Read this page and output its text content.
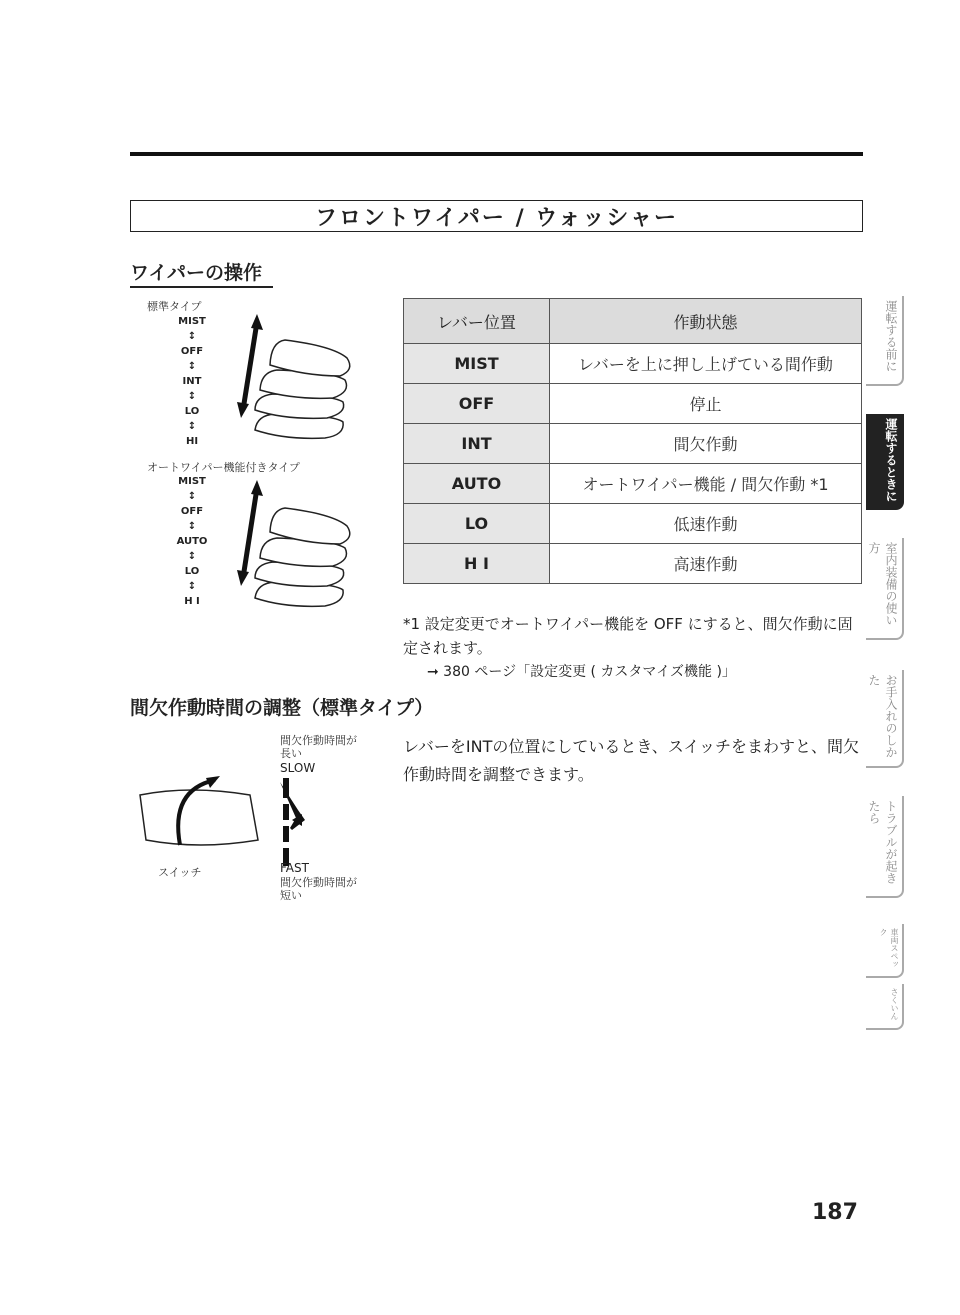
フロントワイパー / ウォッシャー
ワイパーの操作
標準タイプ
MIST
↕
OFF
↕
INT
↕
LO
↕
HI
オートワイパー機能付きタイプ
MIST
↕
OFF
↕
AUTO
↕
LO
↕
H I
レバー位置	作動状態
MIST	レバーを上に押し上げている間作動
OFF	停止
INT	間欠作動
AUTO	オートワイパー機能 / 間欠作動 *1
LO	低速作動
H I	高速作動
*1 設定変更でオートワイパー機能を OFF にすると、間欠作動に固定されます。
➞ 380 ページ「設定変更 ( カスタマイズ機能 )」
間欠作動時間の調整（標準タイプ）
間欠作動時間が長い
SLOW
FAST
間欠作動時間が短い
スイッチ
レバーをINTの位置にしているとき、スイッチをまわすと、間欠作動時間を調整できます。
運転する前に
運転するときに
室内装備の使い方
お手入れのしかた
トラブルが起きたら
車両スペック
さくいん
187
